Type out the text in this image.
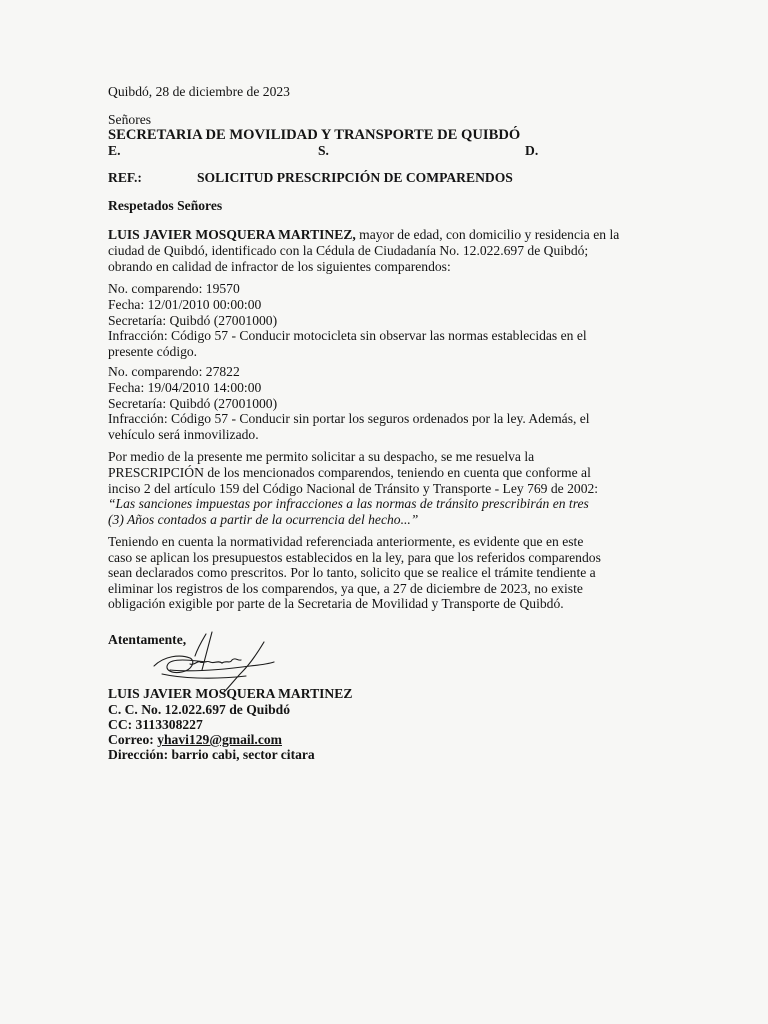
Quibdó, 28 de diciembre de 2023
Señores
SECRETARIA DE MOVILIDAD Y TRANSPORTE DE QUIBDÓ
E.	S.	D.
REF.:	SOLICITUD PRESCRIPCIÓN DE COMPARENDOS
Respetados Señores
LUIS JAVIER MOSQUERA MARTINEZ, mayor de edad, con domicilio y residencia en la
ciudad de Quibdó, identificado con la Cédula de Ciudadanía No. 12.022.697 de Quibdó;
obrando en calidad de infractor de los siguientes comparendos:
No. comparendo: 19570
Fecha: 12/01/2010 00:00:00
Secretaría: Quibdó (27001000)
Infracción: Código 57 - Conducir motocicleta sin observar las normas establecidas en el
presente código.
No. comparendo: 27822
Fecha: 19/04/2010 14:00:00
Secretaría: Quibdó (27001000)
Infracción: Código 57 - Conducir sin portar los seguros ordenados por la ley. Además, el
vehículo será inmovilizado.
Por medio de la presente me permito solicitar a su despacho, se me resuelva la
PRESCRIPCIÓN de los mencionados comparendos, teniendo en cuenta que conforme al
inciso 2 del artículo 159 del Código Nacional de Tránsito y Transporte - Ley 769 de 2002:
“Las sanciones impuestas por infracciones a las normas de tránsito prescribirán en tres
(3) Años contados a partir de la ocurrencia del hecho...”
Teniendo en cuenta la normatividad referenciada anteriormente, es evidente que en este
caso se aplican los presupuestos establecidos en la ley, para que los referidos comparendos
sean declarados como prescritos. Por lo tanto, solicito que se realice el trámite tendiente a
eliminar los registros de los comparendos, ya que, a 27 de diciembre de 2023, no existe
obligación exigible por parte de la Secretaria de Movilidad y Transporte de Quibdó.
Atentamente,
LUIS JAVIER MOSQUERA MARTINEZ
C. C. No. 12.022.697 de Quibdó
CC: 3113308227
Correo: yhavi129@gmail.com
Dirección: barrio cabi, sector citara
